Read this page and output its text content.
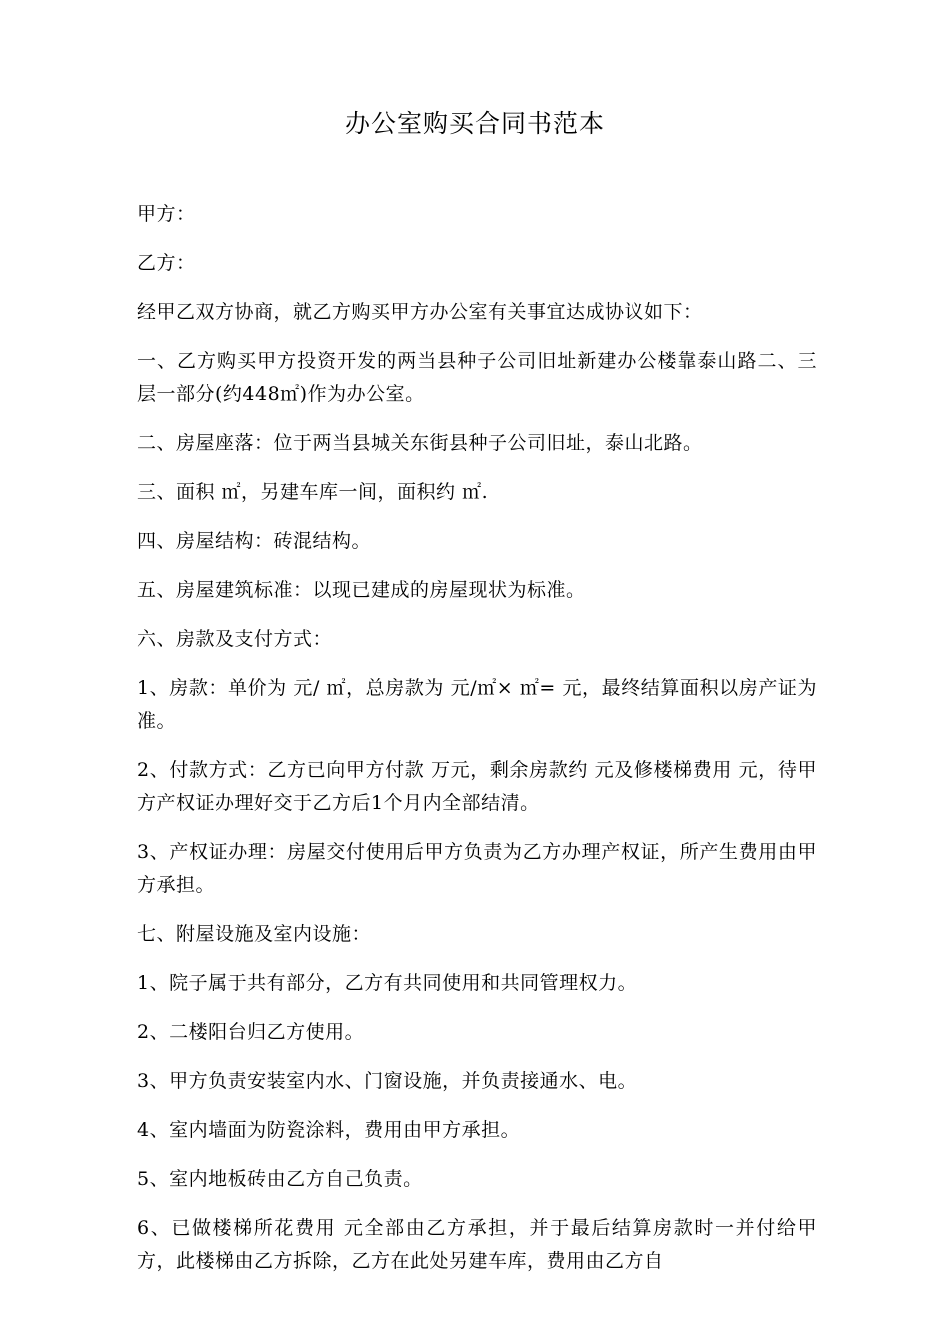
办公室购买合同书范本

甲方：

乙方：

经甲乙双方协商，就乙方购买甲方办公室有关事宜达成协议如下：

一、乙方购买甲方投资开发的两当县种子公司旧址新建办公楼靠泰山路二、三层一部分(约448㎡)作为办公室。

二、房屋座落：位于两当县城关东街县种子公司旧址，泰山北路。

三、面积 ㎡，另建车库一间，面积约 ㎡.

四、房屋结构：砖混结构。

五、房屋建筑标准：以现已建成的房屋现状为标准。

六、房款及支付方式：

1、房款：单价为 元/ ㎡，总房款为 元/㎡× ㎡= 元，最终结算面积以房产证为准。

2、付款方式：乙方已向甲方付款 万元，剩余房款约 元及修楼梯费用 元，待甲方产权证办理好交于乙方后1个月内全部结清。

3、产权证办理：房屋交付使用后甲方负责为乙方办理产权证，所产生费用由甲方承担。

七、附屋设施及室内设施：

1、院子属于共有部分，乙方有共同使用和共同管理权力。

2、二楼阳台归乙方使用。

3、甲方负责安装室内水、门窗设施，并负责接通水、电。

4、室内墙面为防瓷涂料，费用由甲方承担。

5、室内地板砖由乙方自己负责。

6、已做楼梯所花费用 元全部由乙方承担，并于最后结算房款时一并付给甲方，此楼梯由乙方拆除，乙方在此处另建车库，费用由乙方自
